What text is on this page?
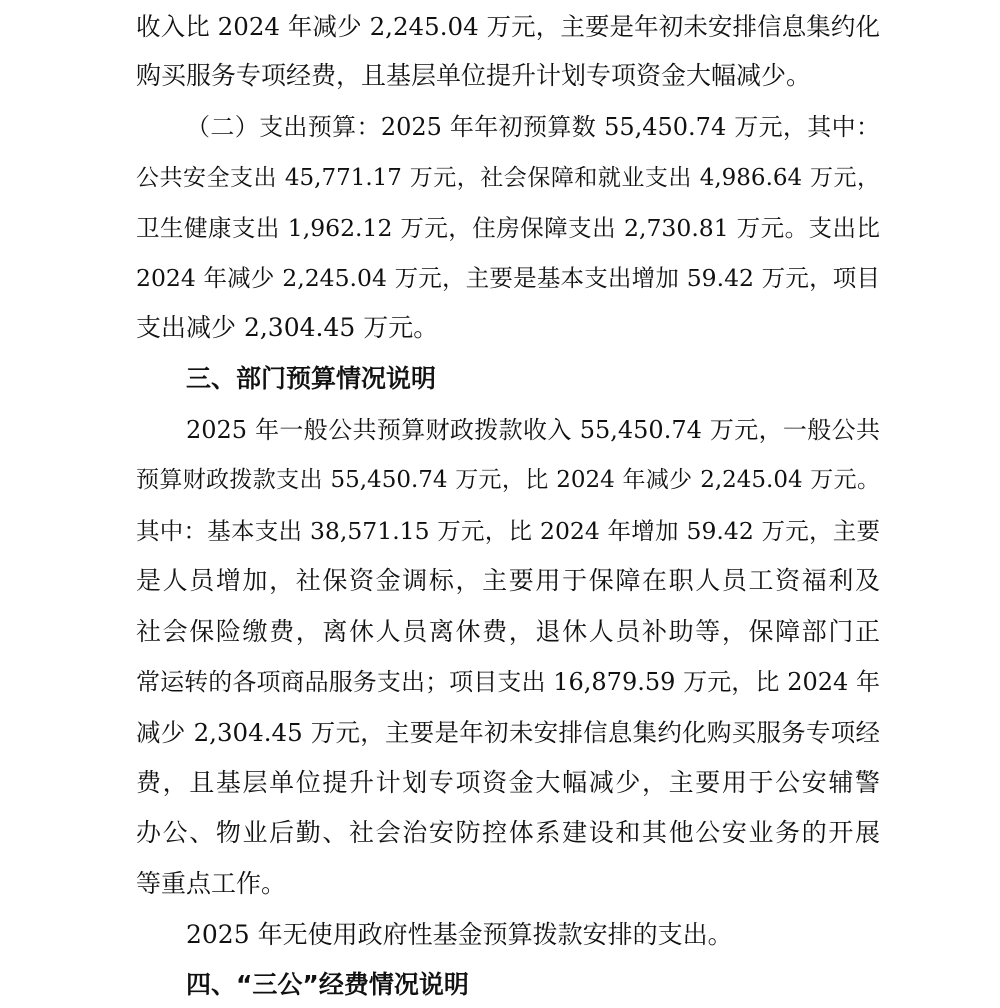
收入比 2024 年减少 2,245.04 万元，主要是年初未安排信息集约化
购买服务专项经费，且基层单位提升计划专项资金大幅减少。
（二）支出预算：2025 年年初预算数 55,450.74 万元，其中：
公共安全支出 45,771.17 万元，社会保障和就业支出 4,986.64 万元，
卫生健康支出 1,962.12 万元，住房保障支出 2,730.81 万元。支出比
2024 年减少 2,245.04 万元，主要是基本支出增加 59.42 万元，项目
支出减少 2,304.45 万元。
三、部门预算情况说明
2025 年一般公共预算财政拨款收入 55,450.74 万元，一般公共
预算财政拨款支出 55,450.74 万元，比 2024 年减少 2,245.04 万元。
其中：基本支出 38,571.15 万元，比 2024 年增加 59.42 万元，主要
是人员增加，社保资金调标，主要用于保障在职人员工资福利及
社会保险缴费，离休人员离休费，退休人员补助等，保障部门正
常运转的各项商品服务支出；项目支出 16,879.59 万元，比 2024 年
减少 2,304.45 万元，主要是年初未安排信息集约化购买服务专项经
费，且基层单位提升计划专项资金大幅减少，主要用于公安辅警
办公、物业后勤、社会治安防控体系建设和其他公安业务的开展
等重点工作。
2025 年无使用政府性基金预算拨款安排的支出。
四、“三公”经费情况说明
